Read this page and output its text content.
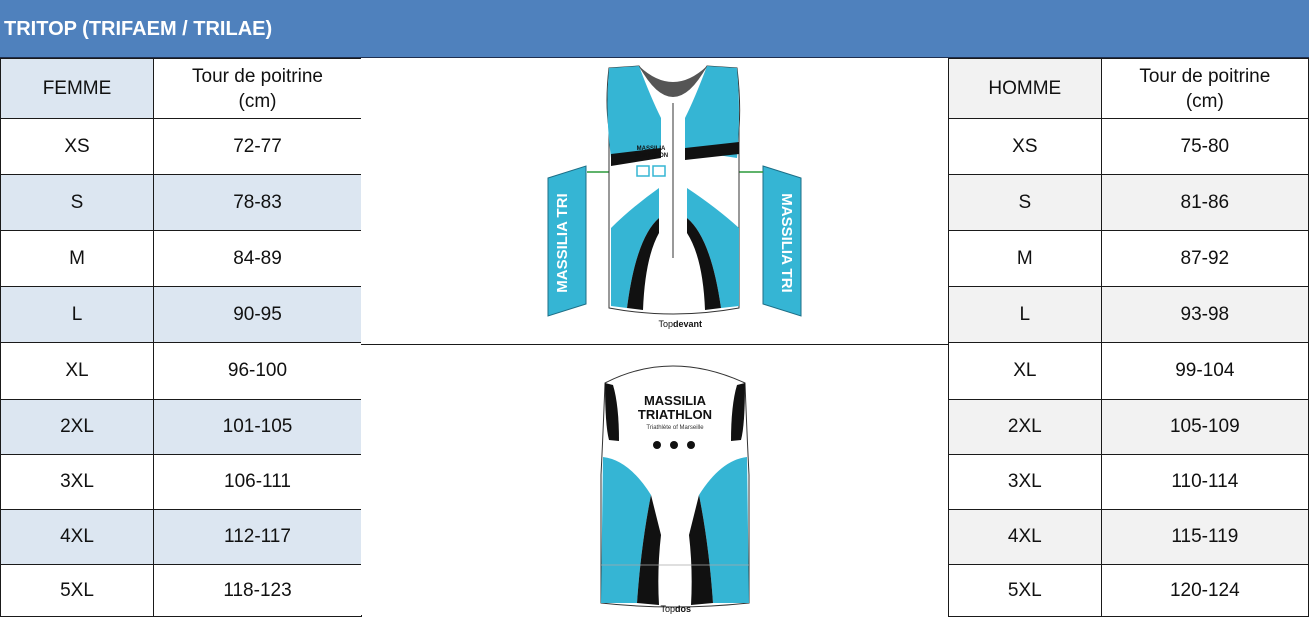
TRITOP (TRIFAEM / TRILAE)
FEMME	Tour de poitrine
(cm)
XS	72-77
S	78-83
M	84-89
L	90-95
XL	96-100
2XL	101-105
3XL	106-111
4XL	112-117
5XL	118-123
MASSILIA TRI	MASSILIA TRI
MASSILIA
TRIATHLON
Top devant
MASSILIA
TRIATHLON
Triathlète of Marseille
Top dos
HOMME	Tour de poitrine
(cm)
XS	75-80
S	81-86
M	87-92
L	93-98
XL	99-104
2XL	105-109
3XL	110-114
4XL	115-119
5XL	120-124
